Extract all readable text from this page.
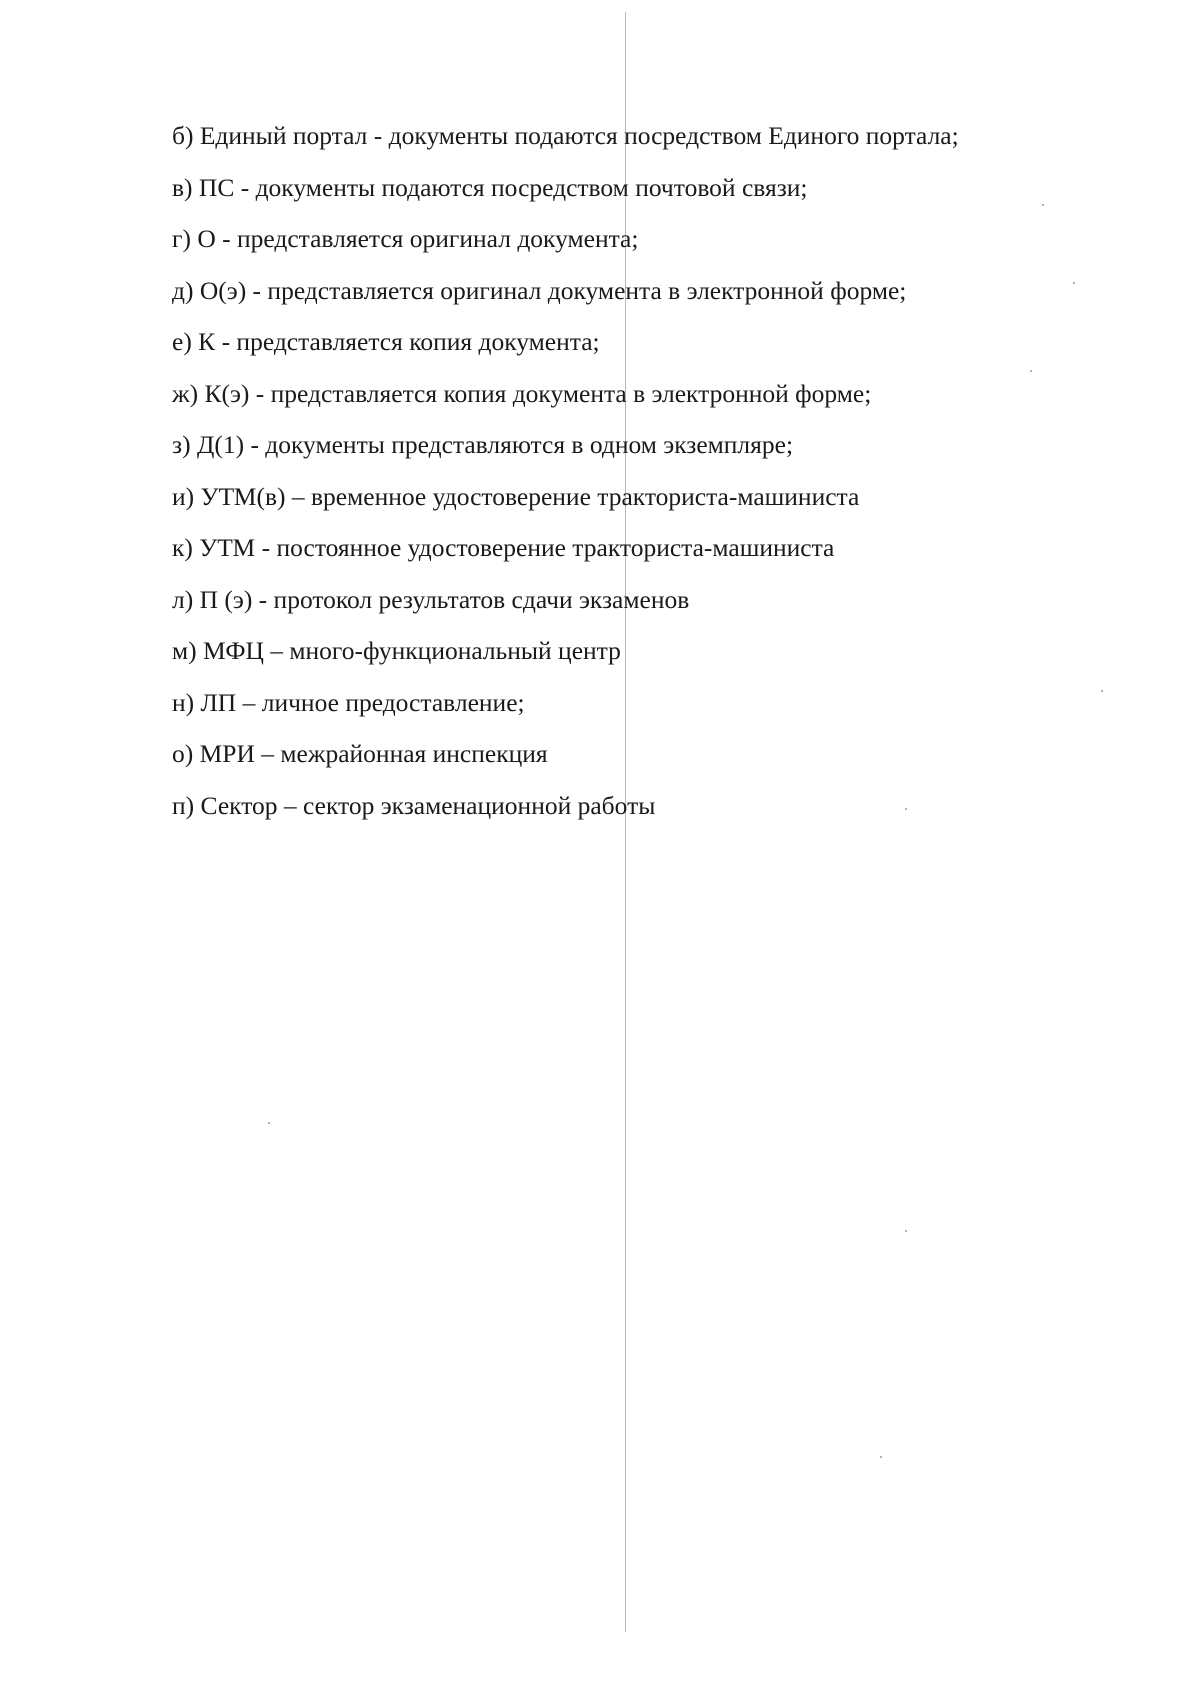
б) Единый портал - документы подаются посредством Единого портала;
в) ПС - документы подаются посредством почтовой связи;
г) О - представляется оригинал документа;
д) О(э) - представляется оригинал документа в электронной форме;
е) К - представляется копия документа;
ж) К(э) - представляется копия документа в электронной форме;
з) Д(1) - документы представляются в одном экземпляре;
и) УТМ(в) – временное удостоверение тракториста-машиниста
к) УТМ - постоянное удостоверение тракториста-машиниста
л) П (э) - протокол результатов сдачи экзаменов
м) МФЦ – много-функциональный центр
н) ЛП – личное предоставление;
о) МРИ – межрайонная инспекция
п) Сектор – сектор экзаменационной работы
